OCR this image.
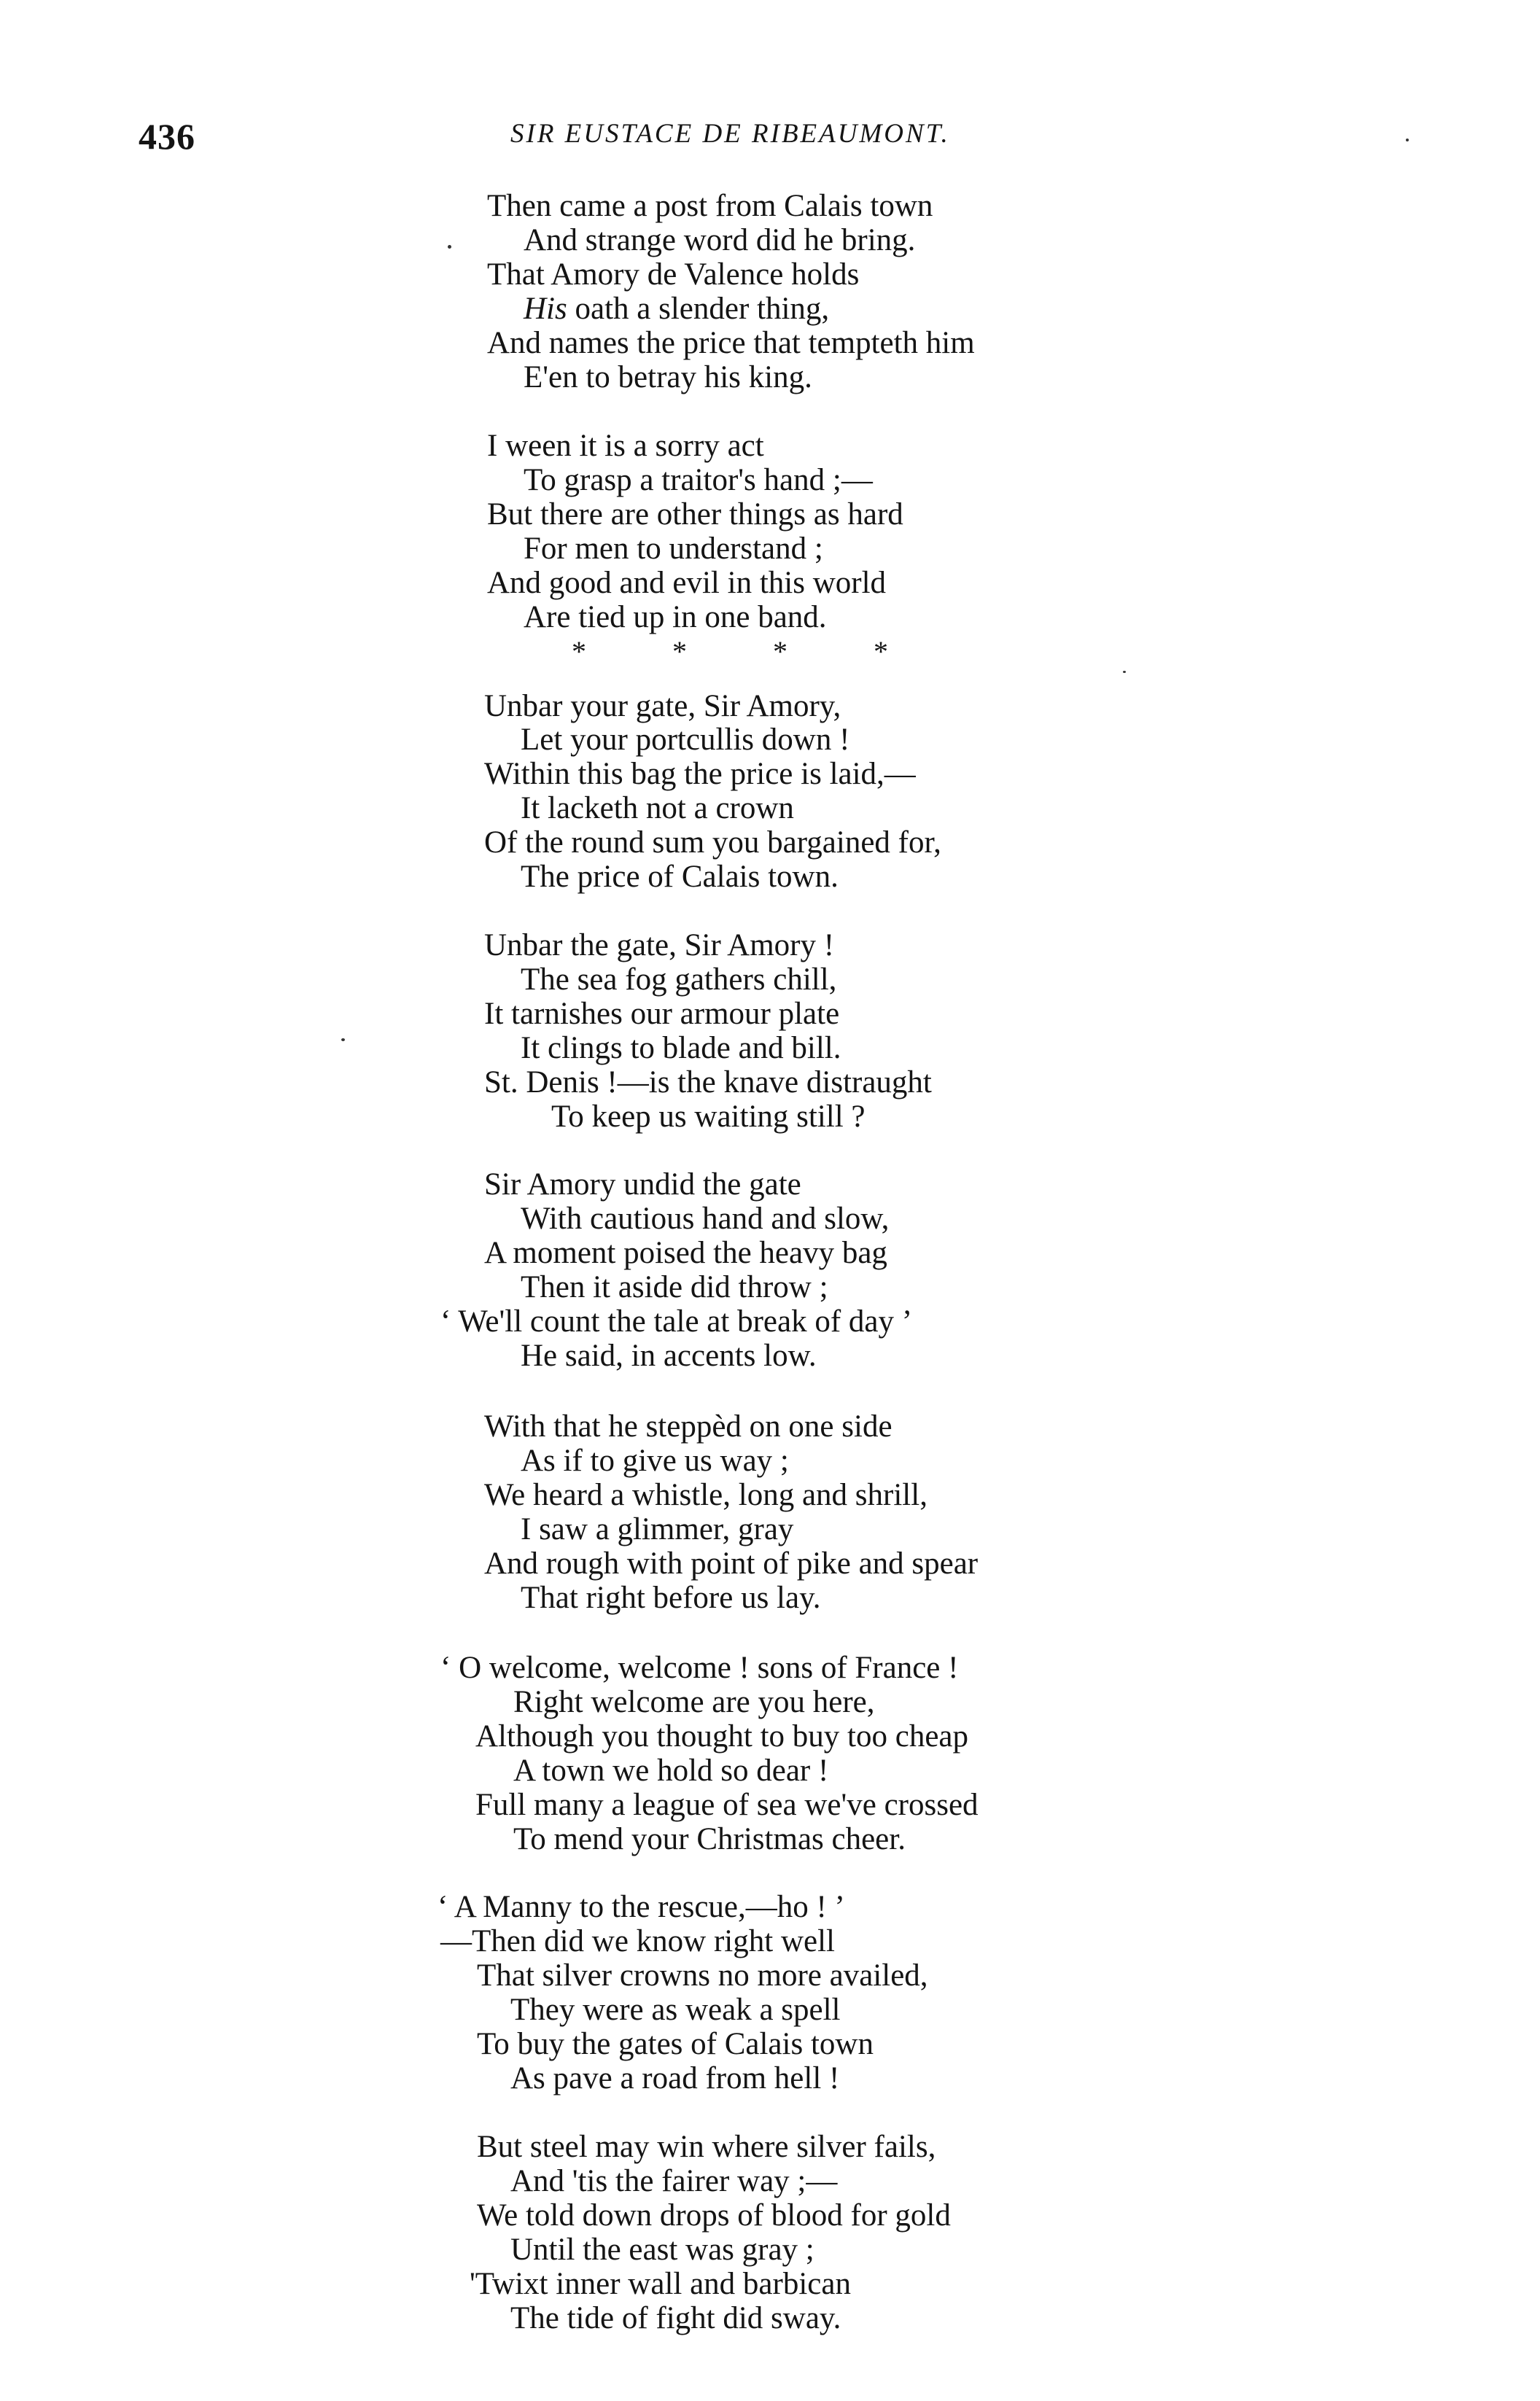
436	SIR EUSTACE DE RIBEAUMONT.
Then came a post from Calais town
And strange word did he bring.
That Amory de Valence holds
His oath a slender thing,
And names the price that tempteth him
E'en to betray his king.
I ween it is a sorry act
To grasp a traitor's hand ;—
But there are other things as hard
For men to understand ;
And good and evil in this world
Are tied up in one band.
*	*	*	*
Unbar your gate, Sir Amory,
Let your portcullis down !
Within this bag the price is laid,—
It lacketh not a crown
Of the round sum you bargained for,
The price of Calais town.
Unbar the gate, Sir Amory !
The sea fog gathers chill,
It tarnishes our armour plate
It clings to blade and bill.
St. Denis !—is the knave distraught
To keep us waiting still ?
Sir Amory undid the gate
With cautious hand and slow,
A moment poised the heavy bag
Then it aside did throw ;
‘ We'll count the tale at break of day ’
He said, in accents low.
With that he steppèd on one side
As if to give us way ;
We heard a whistle, long and shrill,
I saw a glimmer, gray
And rough with point of pike and spear
That right before us lay.
‘ O welcome, welcome ! sons of France !
Right welcome are you here,
Although you thought to buy too cheap
A town we hold so dear !
Full many a league of sea we've crossed
To mend your Christmas cheer.
‘ A Manny to the rescue,—ho ! ’
—Then did we know right well
That silver crowns no more availed,
They were as weak a spell
To buy the gates of Calais town
As pave a road from hell !
But steel may win where silver fails,
And 'tis the fairer way ;—
We told down drops of blood for gold
Until the east was gray ;
'Twixt inner wall and barbican
The tide of fight did sway.
